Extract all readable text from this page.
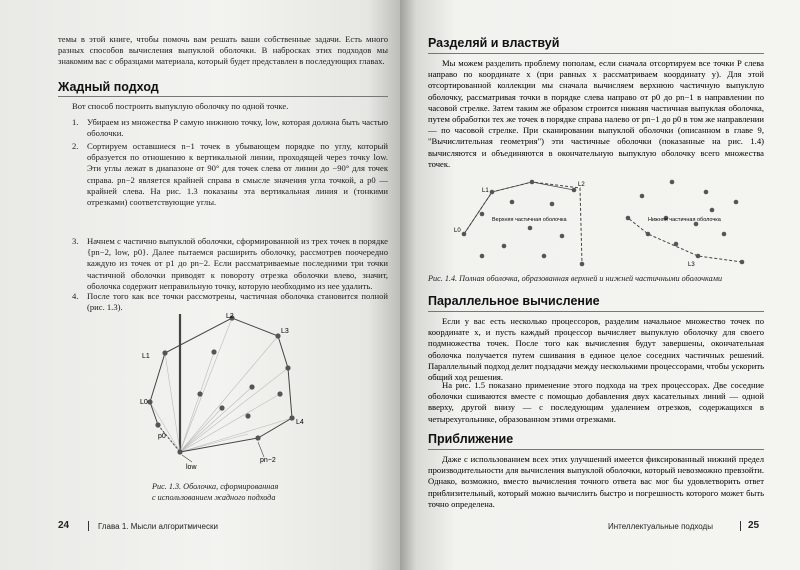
темы в этой книге, чтобы помочь вам решать ваши собственные задачи. Есть много разных способов вычисления выпуклой оболочки. В набросках этих подходов мы знакомим вас с образцами материала, который будет представлен в последующих главах.

Жадный подход

Вот способ построить выпуклую оболочку по одной точке.

1. Убираем из множества P самую нижнюю точку, low, которая должна быть частью оболочки.

2. Сортируем оставшиеся n−1 точек в убывающем порядке по углу, который образуется по отношению к вертикальной линии, проходящей через точку low. Эти углы лежат в диапазоне от 90° для точек слева от линии до −90° для точек справа. pn−2 является крайней справа в смысле значения угла точкой, а p0 — крайней слева. На рис. 1.3 показаны эта вертикальная линия и (тонкими отрезками) соответствующие углы.

3. Начнем с частично выпуклой оболочки, сформированной из трех точек в порядке {pn−2, low, p0}. Далее пытаемся расширить оболочку, рассмотрев поочередно каждую из точек от p1 до pn−2. Если рассматриваемые последними три точки частичной оболочки приводят к повороту отрезка оболочки влево, значит, оболочка содержит неправильную точку, которую необходимо из нее удалить.

4. После того как все точки рассмотрены, частичная оболочка становится полной (рис. 1.3).

L1
L2
L3
L0
p0
low
pn−2
L4
Рис. 1.3. Оболочка, сформированная
с использованием жадного подхода
24	Глава 1. Мысли алгоритмически

Разделяй и властвуй

Мы можем разделить проблему пополам, если сначала отсортируем все точки P слева направо по координате x (при равных x рассматриваем координату y). Для этой отсортированной коллекции мы сначала вычисляем верхнюю частичную выпуклую оболочку, рассматривая точки в порядке слева направо от p0 до pn−1 в направлении по часовой стрелке. Затем таким же образом строится нижняя частичная выпуклая оболочка, путем обработки тех же точек в порядке справа налево от pn−1 до p0 в том же направлении — по часовой стрелке. При сканировании выпуклой оболочки (описанном в главе 9, "Вычислительная геометрия") эти частичные оболочки (показанные на рис. 1.4) вычисляются и объединяются в окончательную выпуклую оболочку всего множества точек.

Верхняя частичная оболочка
L1
L0
L2
Нижняя частичная оболочка
L3
Рис. 1.4. Полная оболочка, образованная верхней и нижней частичными оболочками

Параллельное вычисление

Если у вас есть несколько процессоров, разделим начальное множество точек по координате x, и пусть каждый процессор вычисляет выпуклую оболочку для своего подмножества точек. После того как вычисления будут завершены, окончательная оболочка получается путем сшивания в единое целое соседних частичных решений. Параллельный подход делит подзадачи между несколькими процессорами, чтобы ускорить общий ход решения.

На рис. 1.5 показано применение этого подхода на трех процессорах. Две соседние оболочки сшиваются вместе с помощью добавления двух касательных линий — одной вверху, другой внизу — с последующим удалением отрезков, содержащихся в четырехугольнике, образованном этими отрезками.

Приближение

Даже с использованием всех этих улучшений имеется фиксированный нижний предел производительности для вычисления выпуклой оболочки, который невозможно превзойти. Однако, возможно, вместо вычисления точного ответа вас мог бы удовлетворить ответ приблизительный, который можно вычислить быстро и погрешность которого может быть точно определена.

Интеллектуальные подходы	25
